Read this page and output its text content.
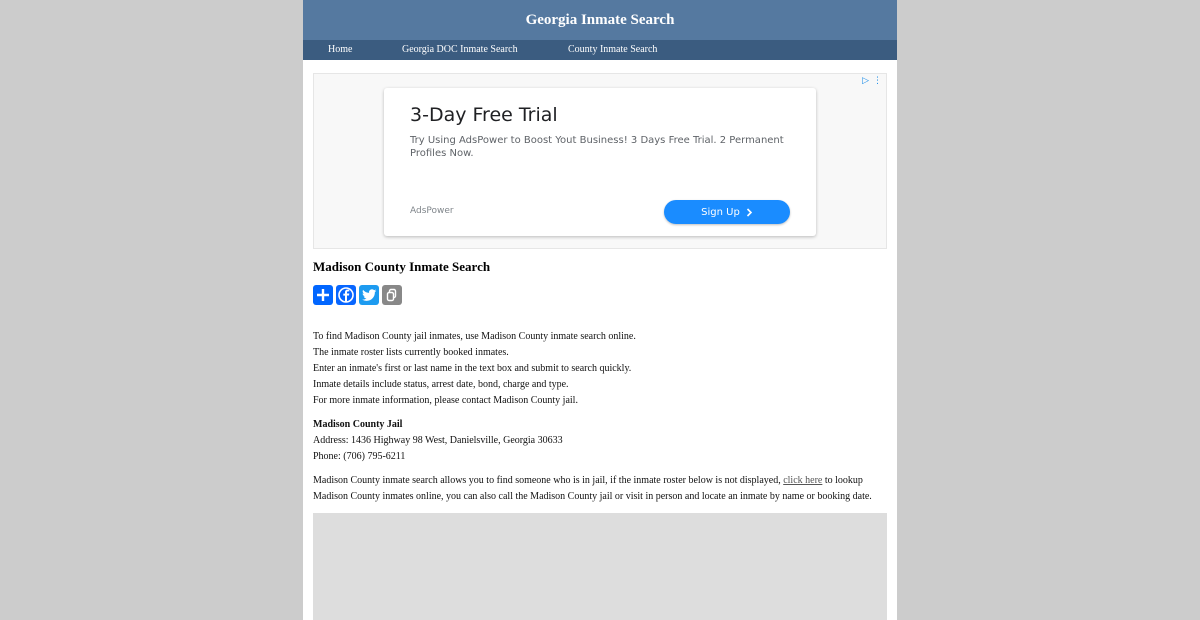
Georgia Inmate Search
Home	Georgia DOC Inmate Search	County Inmate Search
▷ ⋮
3-Day Free Trial
Try Using AdsPower to Boost Yout Business! 3 Days Free Trial. 2 Permanent Profiles Now.
AdsPower	Sign Up
Madison County Inmate Search

To find Madison County jail inmates, use Madison County inmate search online.

The inmate roster lists currently booked inmates.

Enter an inmate's first or last name in the text box and submit to search quickly.

Inmate details include status, arrest date, bond, charge and type.

For more inmate information, please contact Madison County jail.

Madison County Jail

Address: 1436 Highway 98 West, Danielsville, Georgia 30633

Phone: (706) 795-6211

Madison County inmate search allows you to find someone who is in jail, if the inmate roster below is not displayed, click here to lookup Madison County inmates online, you can also call the Madison County jail or visit in person and locate an inmate by name or booking date.
